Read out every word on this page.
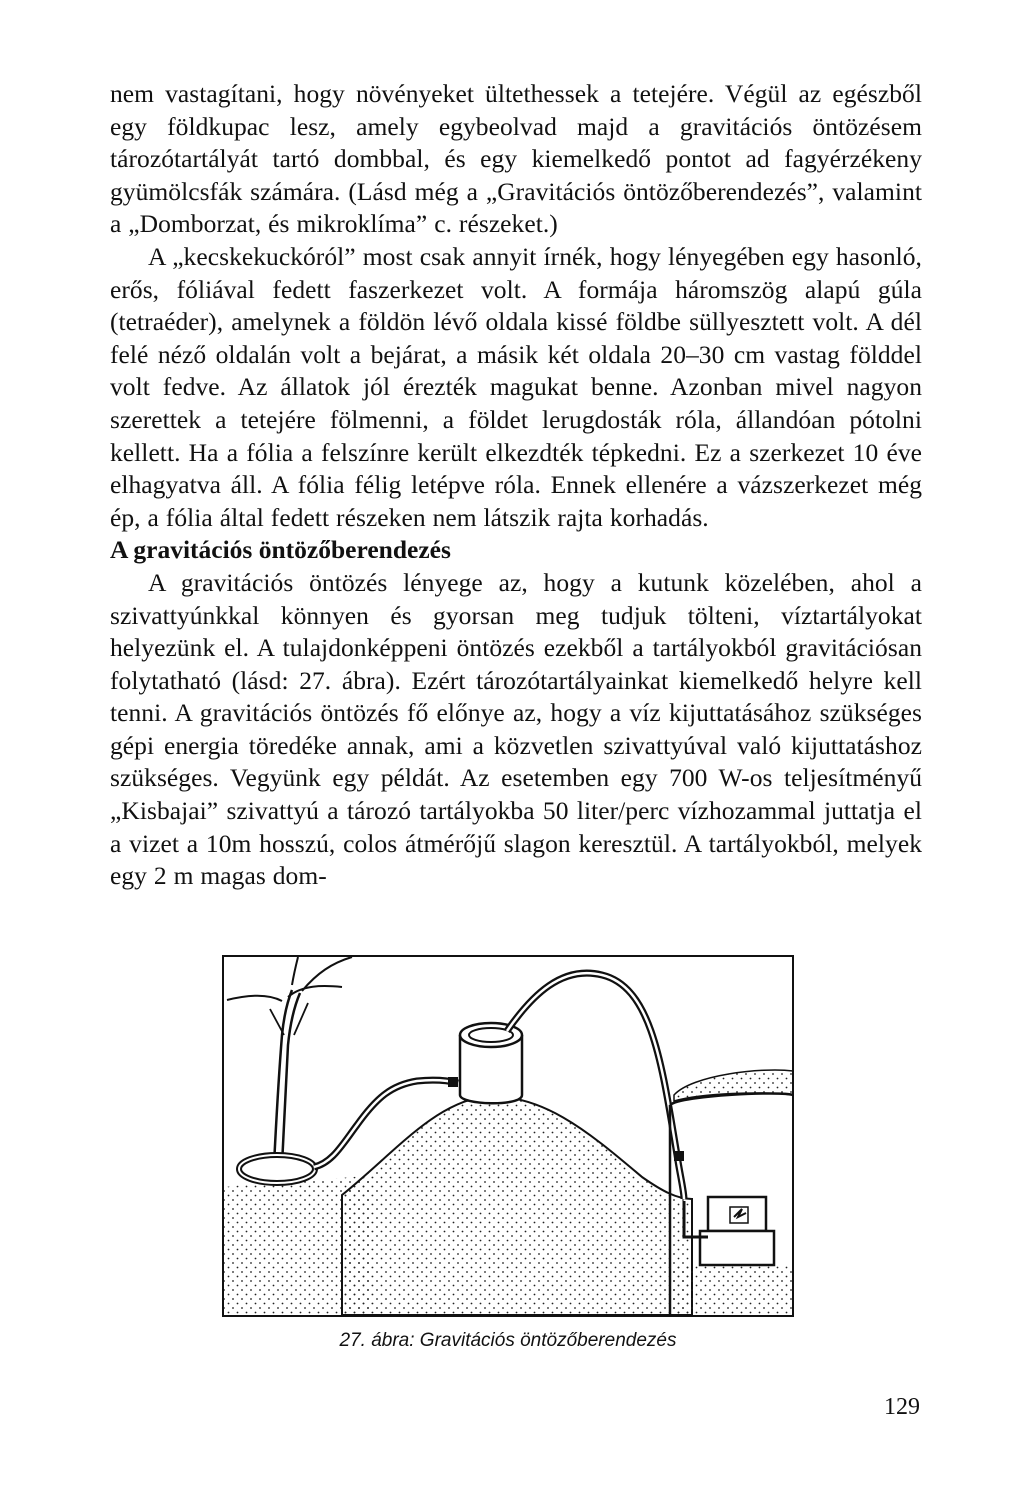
nem vastagítani, hogy növényeket ültethessek a tetejére. Végül az egészből egy földkupac lesz, amely egybeolvad majd a gravitációs öntözésem tározótartályát tartó dombbal, és egy kiemelkedő pontot ad fagyérzékeny gyümölcsfák számára. (Lásd még a „Gravitációs öntözőberendezés”, valamint a „Domborzat, és mikroklíma” c. részeket.)

A „kecskekuckóról” most csak annyit írnék, hogy lényegében egy hasonló, erős, fóliával fedett faszerkezet volt. A formája háromszög alapú gúla (tetraéder), amelynek a földön lévő oldala kissé földbe süllyesztett volt. A dél felé néző oldalán volt a bejárat, a másik két oldala 20–30 cm vastag földdel volt fedve. Az állatok jól érezték magukat benne. Azonban mivel nagyon szerettek a tetejére fölmenni, a földet lerugdosták róla, állandóan pótolni kellett. Ha a fólia a felszínre került elkezdték tépkedni. Ez a szerkezet 10 éve elhagyatva áll. A fólia félig letépve róla. Ennek ellenére a vázszerkezet még ép, a fólia által fedett részeken nem látszik rajta korhadás.

A gravitációs öntözőberendezés

A gravitációs öntözés lényege az, hogy a kutunk közelében, ahol a szivattyúnkkal könnyen és gyorsan meg tudjuk tölteni, víztartályokat helyezünk el. A tulajdonképpeni öntözés ezekből a tartályokból gravitációsan folytatható (lásd: 27. ábra). Ezért tározótartályainkat kiemelkedő helyre kell tenni. A gravitációs öntözés fő előnye az, hogy a víz kijuttatásához szükséges gépi energia töredéke annak, ami a közvetlen szivattyúval való kijuttatáshoz szükséges. Vegyünk egy példát. Az esetemben egy 700 W-os teljesítményű „Kisbajai” szivattyú a tározó tartályokba 50 liter/perc vízhozammal juttatja el a vizet a 10m hosszú, colos átmérőjű slagon keresztül. A tartályokból, melyek egy 2 m magas dom-

27. ábra: Gravitációs öntözőberendezés
129
